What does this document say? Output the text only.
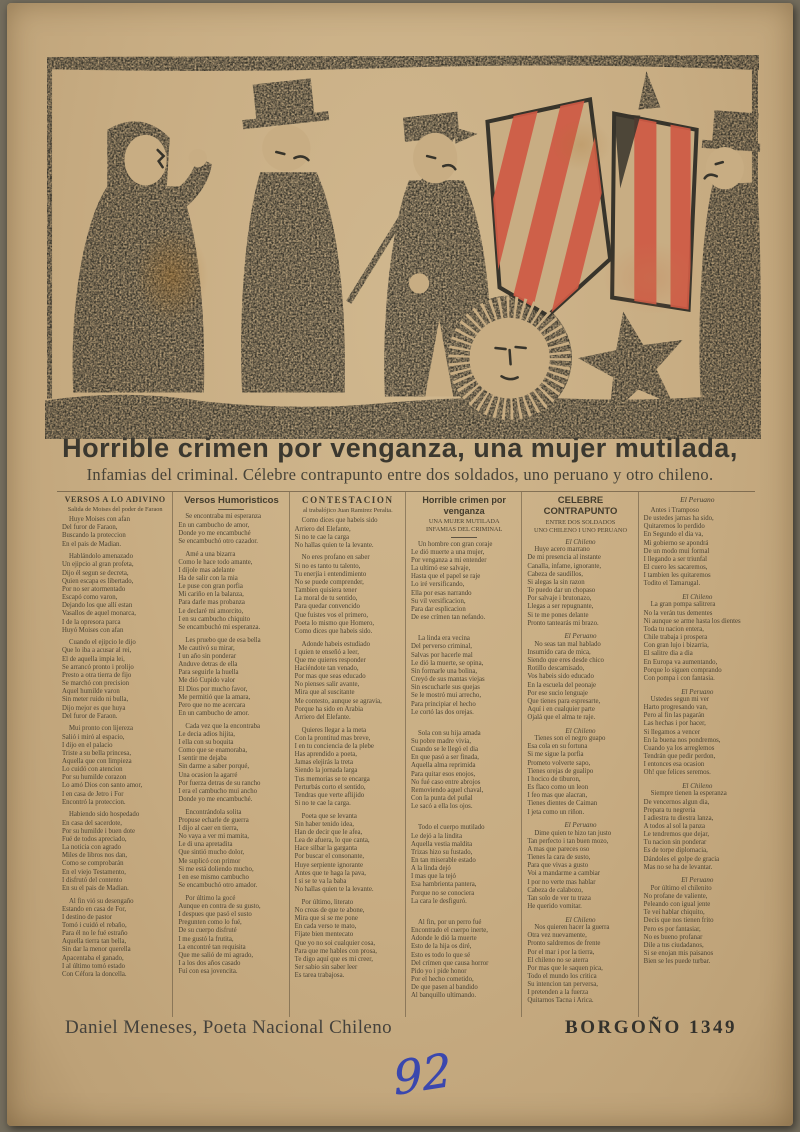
Horrible crimen por venganza, una mujer mutilada,
Infamias del criminal. Célebre contrapunto entre dos soldados, uno peruano y otro chileno.
VERSOS A LO ADIVINO
Salida de Moises del poder de Faraon

Huye Moises con afan
Del furor de Faraon,
Buscando la proteccion
En el pais de Madian.

Hablándolo amenazado
Un ejipcio al gran profeta,
Dijo él segun se decreta,
Quien escapa es libertado,
Por no ser atormentado
Escapó como varon,
Dejando los que allí estan
Vasallos de aquel monarca,
I de la opresora parca
Huyó Moises con afan

Cuando el ejipcio le dijo
Que lo iba a acusar al rei,
El de aquella impia lei,
Se arrancó pronto i prolijo
Presto a otra tierra de fijo
Se marchó con precision
Aquel humilde varon
Sin meter ruido ni bulla,
Dijo mejor es que huya
Del furor de Faraon.

Mui pronto con lijereza
Salió i miró al espacio,
I dijo en el palacio
Triste a su bella princesa,
Aquella que con limpieza
Lo cuidó con atencion
Por su humilde corazon
Lo amó Dios con santo amor,
I en casa de Jetro i For
Encontró la proteccion.

Habiendo sido hospedado
En casa del sacerdote,
Por su humilde i buen dote
Fué de todos apreciado,
La noticia con agrado
Miles de libros nos dan,
Como se comprobarán
En el viejo Testamento,
I disfrutó del contento
En su el pais de Madian.

Al fin vió su desengaño
Estando en casa de For,
I destino de pastor
Tomó i cuidó el rebaño,
Para él no le fué estraño
Aquella tierra tan bella,
Sin dar la menor querella
Apacentaba el ganado,
I al último tomó estado
Con Céfora la doncella.

Versos Humoristicos

Se encontraba mi esperanza
En un cambucho de amor,
Donde yo me encambuché
Se encambuchó otro cazador.

Amé a una bizarra
Como le hace todo amante,
I díjole mas adelante
Ha de salir con la mia
Le puse con gran porfia
Mi cariño en la balanza,
Para darle mas probanza
Le declaré mi amorcito,
I en su cambucho chiquito
Se encambuchó mi esperanza.

Les pruebo que de esa bella
Me cautivó su mirar,
I un año sin ponderar
Anduve detras de ella
Para seguirle la huella
Me dió Cupido valor
El Dios por mucho favor,
Me permitió que la amara,
Pero que no me acercara
En un cambucho de amor.

Cada vez que la encontraba
Le decia adios hijita,
I ella con su boquita
Como que se enamoraba,
I sentir me dejaba
Sin darme a saber porqué,
Una ocasion la agarré
Por fuerza detras de su rancho
I era el cambucho mui ancho
Donde yo me encambuché.

Encontrándola solita
Propuse echarle de guerra
I dijo al caer en tierra,
No vaya a ver mi mamita,
Le di una apretadita
Que sintió mucho dolor,
Me suplicó con primor
Si me está doliendo mucho,
I en ese mismo cambucho
Se encambuchó otro amador.

Por último la gocé
Aunque en contra de su gusto,
I despues que pasó el susto
Pregunten como lo fué,
De su cuerpo disfruté
I me gustó la frutita,
La encontré tan requisita
Que me salió de mi agrado,
I a los dos años casado
Fuí con esa jovencita.

CONTESTACION
al trabalójico Juan Ramirez Peralta.

Como dices que habeis sido
Arriero del Elefante,
Si no te cae la carga
No hallas quien te la levante.

No eres profano en saber
Si no es tanto tu talento,
Tu enerjía i entendimiento
No se puede comprender,
Tambien quisiera tener
La moral de tu sentido,
Para quedar convencido
Que fuistes vos el primero,
Poeta lo mismo que Homero,
Como dices que habeis sido.

Adonde habeis estudiado
I quien te enseñó a leer,
Que me quieres responder
Haciéndote tan venado,
Por mas que seas educado
No pienses salir avante,
Mira que al suscitante
Me contesto, aunque se agravia,
Porque ha sido en Arabia
Arriero del Elefante.

Quieres llegar a la meta
Con la prontitud mas breve,
I en tu conciencia de la plebe
Has aprendido a poeta,
Jamas elejirás la treta
Siendo la jornada larga
Tus memorias se te encarga
Perturbás corto el sentido,
Tendras que verte aflijido
Si no te cae la carga.

Poeta que se levanta
Sin haber tenido idea,
Han de decir que le afea,
Lea de afuera, lo que canta,
Hace silbar la garganta
Por buscar el consonante,
Huye serpiente ignorante
Antes que te haga la pava,
I si se te va la baba
No hallas quien te la levante.

Por último, literato
No creas de que te abone,
Mira que si se me pone
En cada verso te mato,
Fíjate bien mentecato
Que yo no soi cualquier cosa,
Para que me hables con prosa,
Te digo aquí que es mi creer,
Ser sabio sin saber leer
Es tarea trabajosa.

Horrible crimen por venganza
UNA MUJER MUTILADA
INFAMIAS DEL CRIMINAL

Un hombre con gran coraje
Le dió muerte a una mujer,
Por venganza a mi entender
La ultimó ese salvaje,
Hasta que el papel se raje
Lo iré versificando,
Ella por esas narrando
Su vil versificacion,
Para dar esplicacion
De ese crímen tan nefando.

La linda era vecina
Del perverso criminal,
Salvas por hacerle mal
Le dió la muerte, se opina,
Sin formarle una bolina,
Creyó de sus mantas viejas
Sin escucharle sus quejas
Se le mostró mui arrecho,
Para principiar el hecho
Le cortó las dos orejas.

Sola con su hija amada
Su pobre madre vivia,
Cuando se le llegó el dia
En que pasó a ser finada,
Aquella alma reprimida
Para quitar esos enojos,
No fué caso entre abrojos
Removiendo aquel chaval,
Con la punta del puñal
Le sacó a ella los ojos.

Todo el cuerpo mutilado
Le dejó a la lindita
Aquella vestia maldita
Trizas hizo su fustado,
En tan miserable estado
A la linda dejó
I mas que la tejó
Esa hambrienta pantera,
Porque no se conociera
La cara le desfiguró.

Al fin, por un perro fué
Encontrado el cuerpo inerte,
Adonde le dió la muerte
Esto de la hija os diré,
Esto es todo lo que sé
Del crímen que causa horror
Pido yo i pide honor
Por el hecho cometido,
De que pasen al bandido
Al banquillo ultimando.

CELEBRE CONTRAPUNTO
ENTRE DOS SOLDADOS
UNO CHILENO I UNO PERUANO
El Chileno

Huye acero marrano
De mi presencia al instante
Canalla, infame, ignorante,
Cabeza de saudillos,
Si alegas la sin razon
Te puedo dar un chopaso
Por salvaje i brutonazo,
Llegas a ser repugnante,
Si te me pones delante
Pronto tantearás mi brazo.

El Peruano

No seas tan mal hablado
Insumido cara de mica,
Siendo que eres desde chico
Rotillo descamisado,
Vos habeis sido educado
En la escuela del peonaje
Por ese sucio lenguaje
Que tienes para espresarte,
Aquí i en cualquier parte
Ojalá que el alma te raje.

El Chileno

Tienes son el negro guapo
Esa cola en su fortuna
Si me sigue la porfia
Prometo volverte sapo,
Tienes orejas de gualipo
I hocico de tiburon,
Es flaco como un leon
I feo mas que alacran,
Tienes dientes de Caiman
I jeta como un riñon.

El Peruano

Dime quien te hizo tan justo
Tan perfecto i tan buen mozo,
A mas que pareces oso
Tienes la cara de susto,
Para que vivas a gusto
Voi a mandarme a cambiar
I por no verte mas hablar
Cabeza de calabozo,
Tan solo de ver tu traza
He querido vomitar.

El Chileno

Nos quieren hacer la guerra
Otra vez nuevamente,
Pronto saldremos de frente
Por el mar i por la tierra,
El chileno no se aterra
Por mas que le saquen pica,
Todo el mundo los critica
Su intencion tan perversa,
I pretenden a la fuerza
Quitarnos Tacna i Arica.

El Peruano

Antes i Tramposo
De ustedes jamas ha sido,
Quitaremos lo perdido
En Segundo el dia va,
Mi gobierno se apondrá
De un modo mui formal
I llegando a ser triunfal
El cuero les sacaremos,
I tambien les quitaremos
Todito el Tamarugal.

El Chileno

La gran pompa salitrera
No la verán tus dementes
Ni aunque se arme hasta los dientes
Toda tu nacion entera,
Chile trabaja i prospera
Con gran lujo i bizarria,
El salitre dia a dia
En Europa va aumentando,
Porque lo siguen comprando
Con pompa i con fantasia.

El Peruano

Ustedes segun mi ver
Harto progresando van,
Pero al fin las pagarán
Las hechas i por hacer,
Si llegamos a vencer
En la buena nos pondremos,
Cuando ya los arreglemos
Tendrán que pedir perdon,
I entonces esa ocasion
Oh! que felices seremos.

El Chileno

Siempre tienen la esperanza
De vencernos algun dia,
Prepara tu negreria
I adiestra tu diestra lanza,
A todos al sol la panza
Le tendremos que dejar,
Tu nacion sin ponderar
Es de torpe diplomacia,
Dándoles el golpe de gracia
Mas no se ha de levantar.

El Peruano

Por último el chilenito
No profane de valiente,
Peleando con igual jente
Te veí hablar chiquito,
Decis que nos tienen frito
Pero es por fantasiar,
No es bueno profanar
Dile a tus ciudadanos,
Si se enojan mis paisanos
Bien se les puede turbar.

Daniel Meneses, Poeta Nacional Chileno	BORGOÑO 1349
92
